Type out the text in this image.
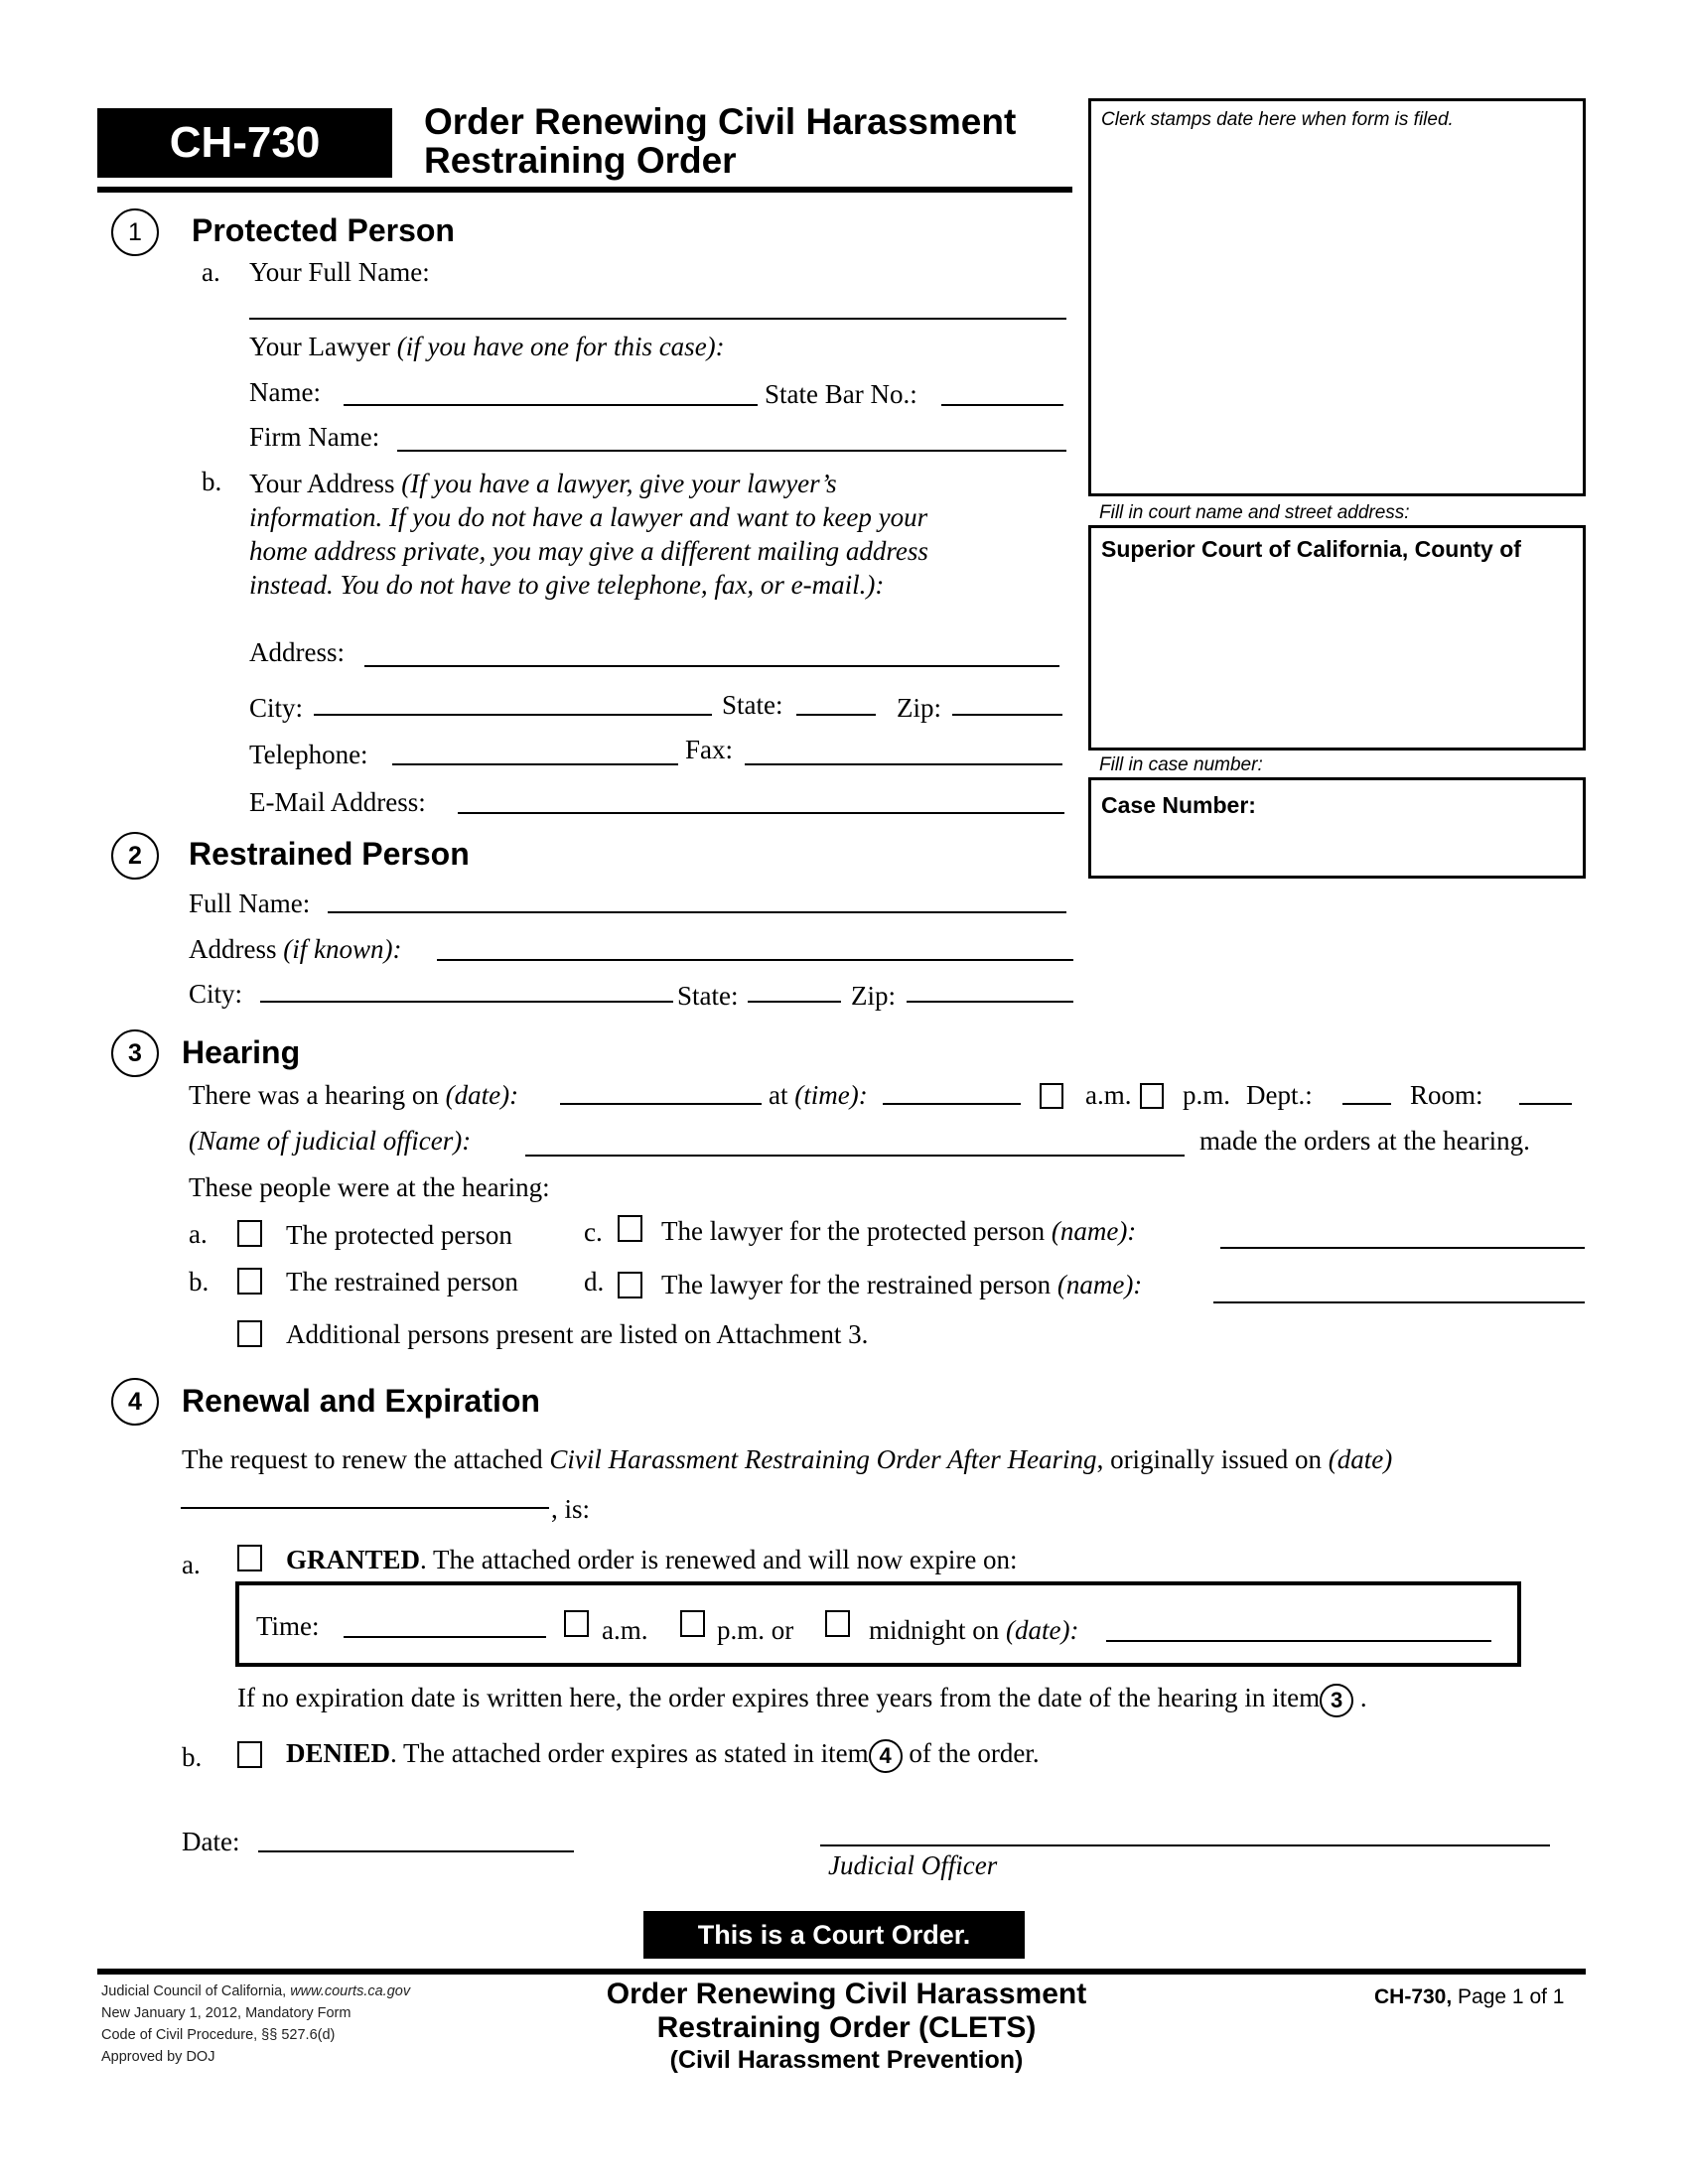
CH-730	Order Renewing Civil Harassment
Restraining Order
Clerk stamps date here when form is filed.
Fill in court name and street address:
Superior Court of California, County of
Fill in case number:
Case Number:
1	Protected Person
a. Your Full Name:
Your Lawyer (if you have one for this case):
Name:	State Bar No.:
Firm Name:
b. Your Address (If you have a lawyer, give your lawyer’s
information. If you do not have a lawyer and want to keep your
home address private, you may give a different mailing address
instead. You do not have to give telephone, fax, or e-mail.):
Address:
City:	State:	Zip:
Telephone:	Fax:
E-Mail Address:
2	Restrained Person
Full Name:
Address (if known):
City:	State:	Zip:
3	Hearing
There was a hearing on (date):	at (time):	a.m. p.m. Dept.:	Room:
(Name of judicial officer):	made the orders at the hearing.
These people were at the hearing:
a.	The protected person	c. The lawyer for the protected person (name):
b.	The restrained person d. The lawyer for the restrained person (name):
Additional persons present are listed on Attachment 3.
4	Renewal and Expiration
The request to renew the attached Civil Harassment Restraining Order After Hearing, originally issued on (date)
, is:
a.	GRANTED. The attached order is renewed and will now expire on:
Time:	a.m.	p.m. or	midnight on (date):
If no expiration date is written here, the order expires three years from the date of the hearing in item 3 .
b.	DENIED. The attached order expires as stated in item 4 of the order.
Date:
Judicial Officer
This is a Court Order.
Judicial Council of California, www.courts.ca.gov
New January 1, 2012, Mandatory Form
Code of Civil Procedure, §§ 527.6(d)
Approved by DOJ
Order Renewing Civil Harassment
Restraining Order (CLETS)
(Civil Harassment Prevention)
CH-730, Page 1 of 1
